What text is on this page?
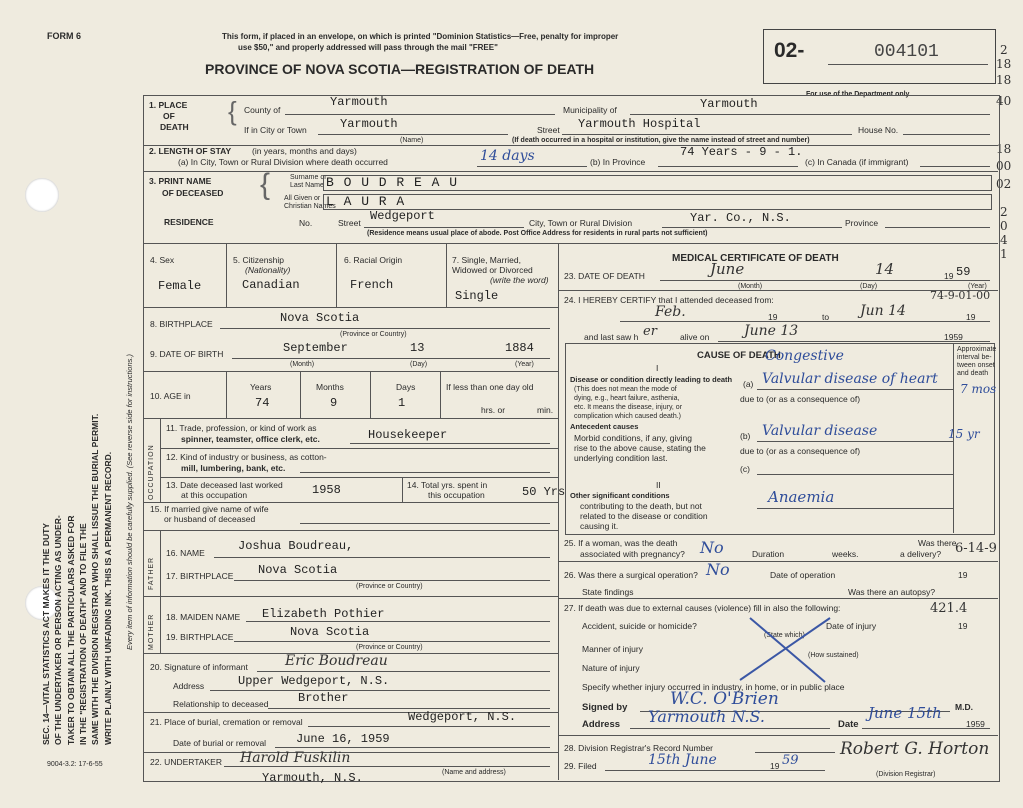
FORM 6	This form, if placed in an envelope, on which is printed "Dominion Statistics—Free, penalty for improper
use $50," and properly addressed will pass through the mail "FREE"
PROVINCE OF NOVA SCOTIA—REGISTRATION OF DEATH
02-	004101
For use of the Department only
2
18
18
40
18
00
02
2
0
4
1
SEC. 14—VITAL STATISTICS ACT MAKES IT THE DUTY OF THE UNDERTAKER OR PERSON ACTING AS UNDER- TAKER TO OBTAIN ALL THE PARTICULARS ASKED FOR IN THE "REGISTRATION OF DEATH" AND TO FILE THE SAME WITH THE DIVISION REGISTRAR WHO SHALL ISSUE THE BURIAL PERMIT. WRITE PLAINLY WITH UNFADING INK. THIS IS A PERMANENT RECORD. Every item of information should be carefully supplied. (See reverse side for instructions.)
9004-3.2: 17-6-55
1. PLACE
OF
DEATH
{ County of
Yarmouth
Municipality of	Yarmouth
If in City or Town	Yarmouth
(Name)
Street Yarmouth Hospital	House No.
(If death occurred in a hospital or institution, give the name instead of street and number)
2. LENGTH OF STAY (in years, months and days)
(a) In City, Town or Rural Division where death occurred	14 days	(b) In Province
74 Years - 9 - 1.
(c) In Canada (if immigrant)
3. PRINT NAME
OF DECEASED {	Surname or
Last Name B O U D R E A U
All Given or
Christian Names
L A U R A
RESIDENCE	No.	Street Wedgeport	City, Town or Rural Division	Yar. Co., N.S.	Province
(Residence means usual place of abode. Post Office Address for residents in rural parts not sufficient)
4. Sex
Female
5. Citizenship
(Nationality)
Canadian
6. Racial Origin
French
7. Single, Married,
Widowed or Divorced
(write the word)
Single
8. BIRTHPLACE	Nova Scotia
(Province or Country)
9. DATE OF BIRTH	September	13	1884
(Month)	(Day)	(Year)
10. AGE in
Years
74
Months
9
Days
1
If less than one day old
hrs. or	min.
OCCUPATION
11. Trade, profession, or kind of work as
spinner, teamster, office clerk, etc.	Housekeeper
12. Kind of industry or business, as cotton-
mill, lumbering, bank, etc.
13. Date deceased last worked
at this occupation	1958	14. Total yrs. spent in
this occupation	50 Yrs
15. If married give name of wife
or husband of deceased
FATHER
16. NAME	Joshua Boudreau,
17. BIRTHPLACE Nova Scotia
(Province or Country)
MOTHER 18. MAIDEN NAME Elizabeth Pothier
19. BIRTHPLACE	Nova Scotia
(Province or Country)
20. Signature of informant	Eric Boudreau
Address	Upper Wedgeport, N.S.
Relationship to deceased Brother
21. Place of burial, cremation or removal	Wedgeport, N.S.
Date of burial or removal June 16, 1959
22. UNDERTAKER Harold Fuskilin
Yarmouth, N.S.	(Name and address)
MEDICAL CERTIFICATE OF DEATH
23. DATE OF DEATH	June	14	19 59
(Month)	(Day)	(Year)
24. I HEREBY CERTIFY that I attended deceased from:	74-9-01-00
Feb.	19	to Jun 14	19
and last saw h er	alive on June 13	1959
CAUSE OF DEATH
Approximate
interval be-
tween onset
and death
Congestive
I
Disease or condition directly leading to death
(This does not mean the mode of
dying, e.g., heart failure, asthenia,
etc. It means the disease, injury, or
complication which caused death.)
(a) Valvular disease of heart
7 mos
due to (or as a consequence of)
Antecedent causes
Morbid conditions, if any, giving
rise to the above cause, stating the
underlying condition last.
(b) Valvular disease	15 yr
due to (or as a consequence of)
(c)
II
Other significant conditions
contributing to the death, but not
related to the disease or condition
causing it.
Anaemia
25. If a woman, was the death
associated with pregnancy? No	Duration	weeks.
Was there
a delivery? 6-14-9
26. Was there a surgical operation? No	Date of operation	19
State findings	Was there an autopsy?
27. If death was due to external causes (violence) fill in also the following:	421.4
Accident, suicide or homicide?
(State which)
Date of injury	19
Manner of injury
(How sustained)
Nature of injury
Specify whether injury occurred in industry, in home, or in public place
Signed by	W.C. O'Brien	M.D.
Address Yarmouth N.S.	Date
June 15th
1959
28. Division Registrar's Record Number
29. Filed	15th June	19 59
Robert G. Horton
(Division Registrar)
